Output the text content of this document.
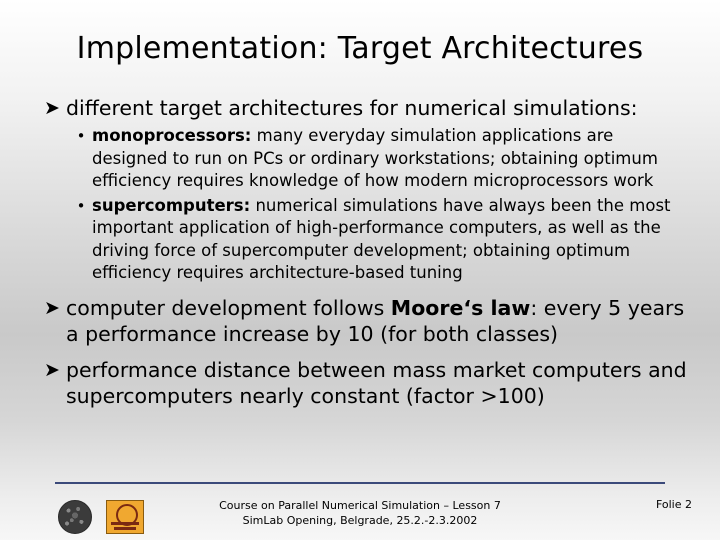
Implementation: Target Architectures
➤ different target architectures for numerical simulations:
• monoprocessors: many everyday simulation applications are designed to run on PCs or ordinary workstations; obtaining optimum efficiency requires knowledge of how modern microprocessors work
• supercomputers: numerical simulations have always been the most important application of high-performance computers, as well as the driving force of supercomputer development; obtaining optimum efficiency requires architecture-based tuning
➤ computer development follows Moore‘s law: every 5 years a performance increase by 10 (for both classes)
➤ performance distance between mass market computers and supercomputers nearly constant (factor >100)
Course on Parallel Numerical Simulation – Lesson 7
SimLab Opening, Belgrade, 25.2.-2.3.2002
Folie 2
